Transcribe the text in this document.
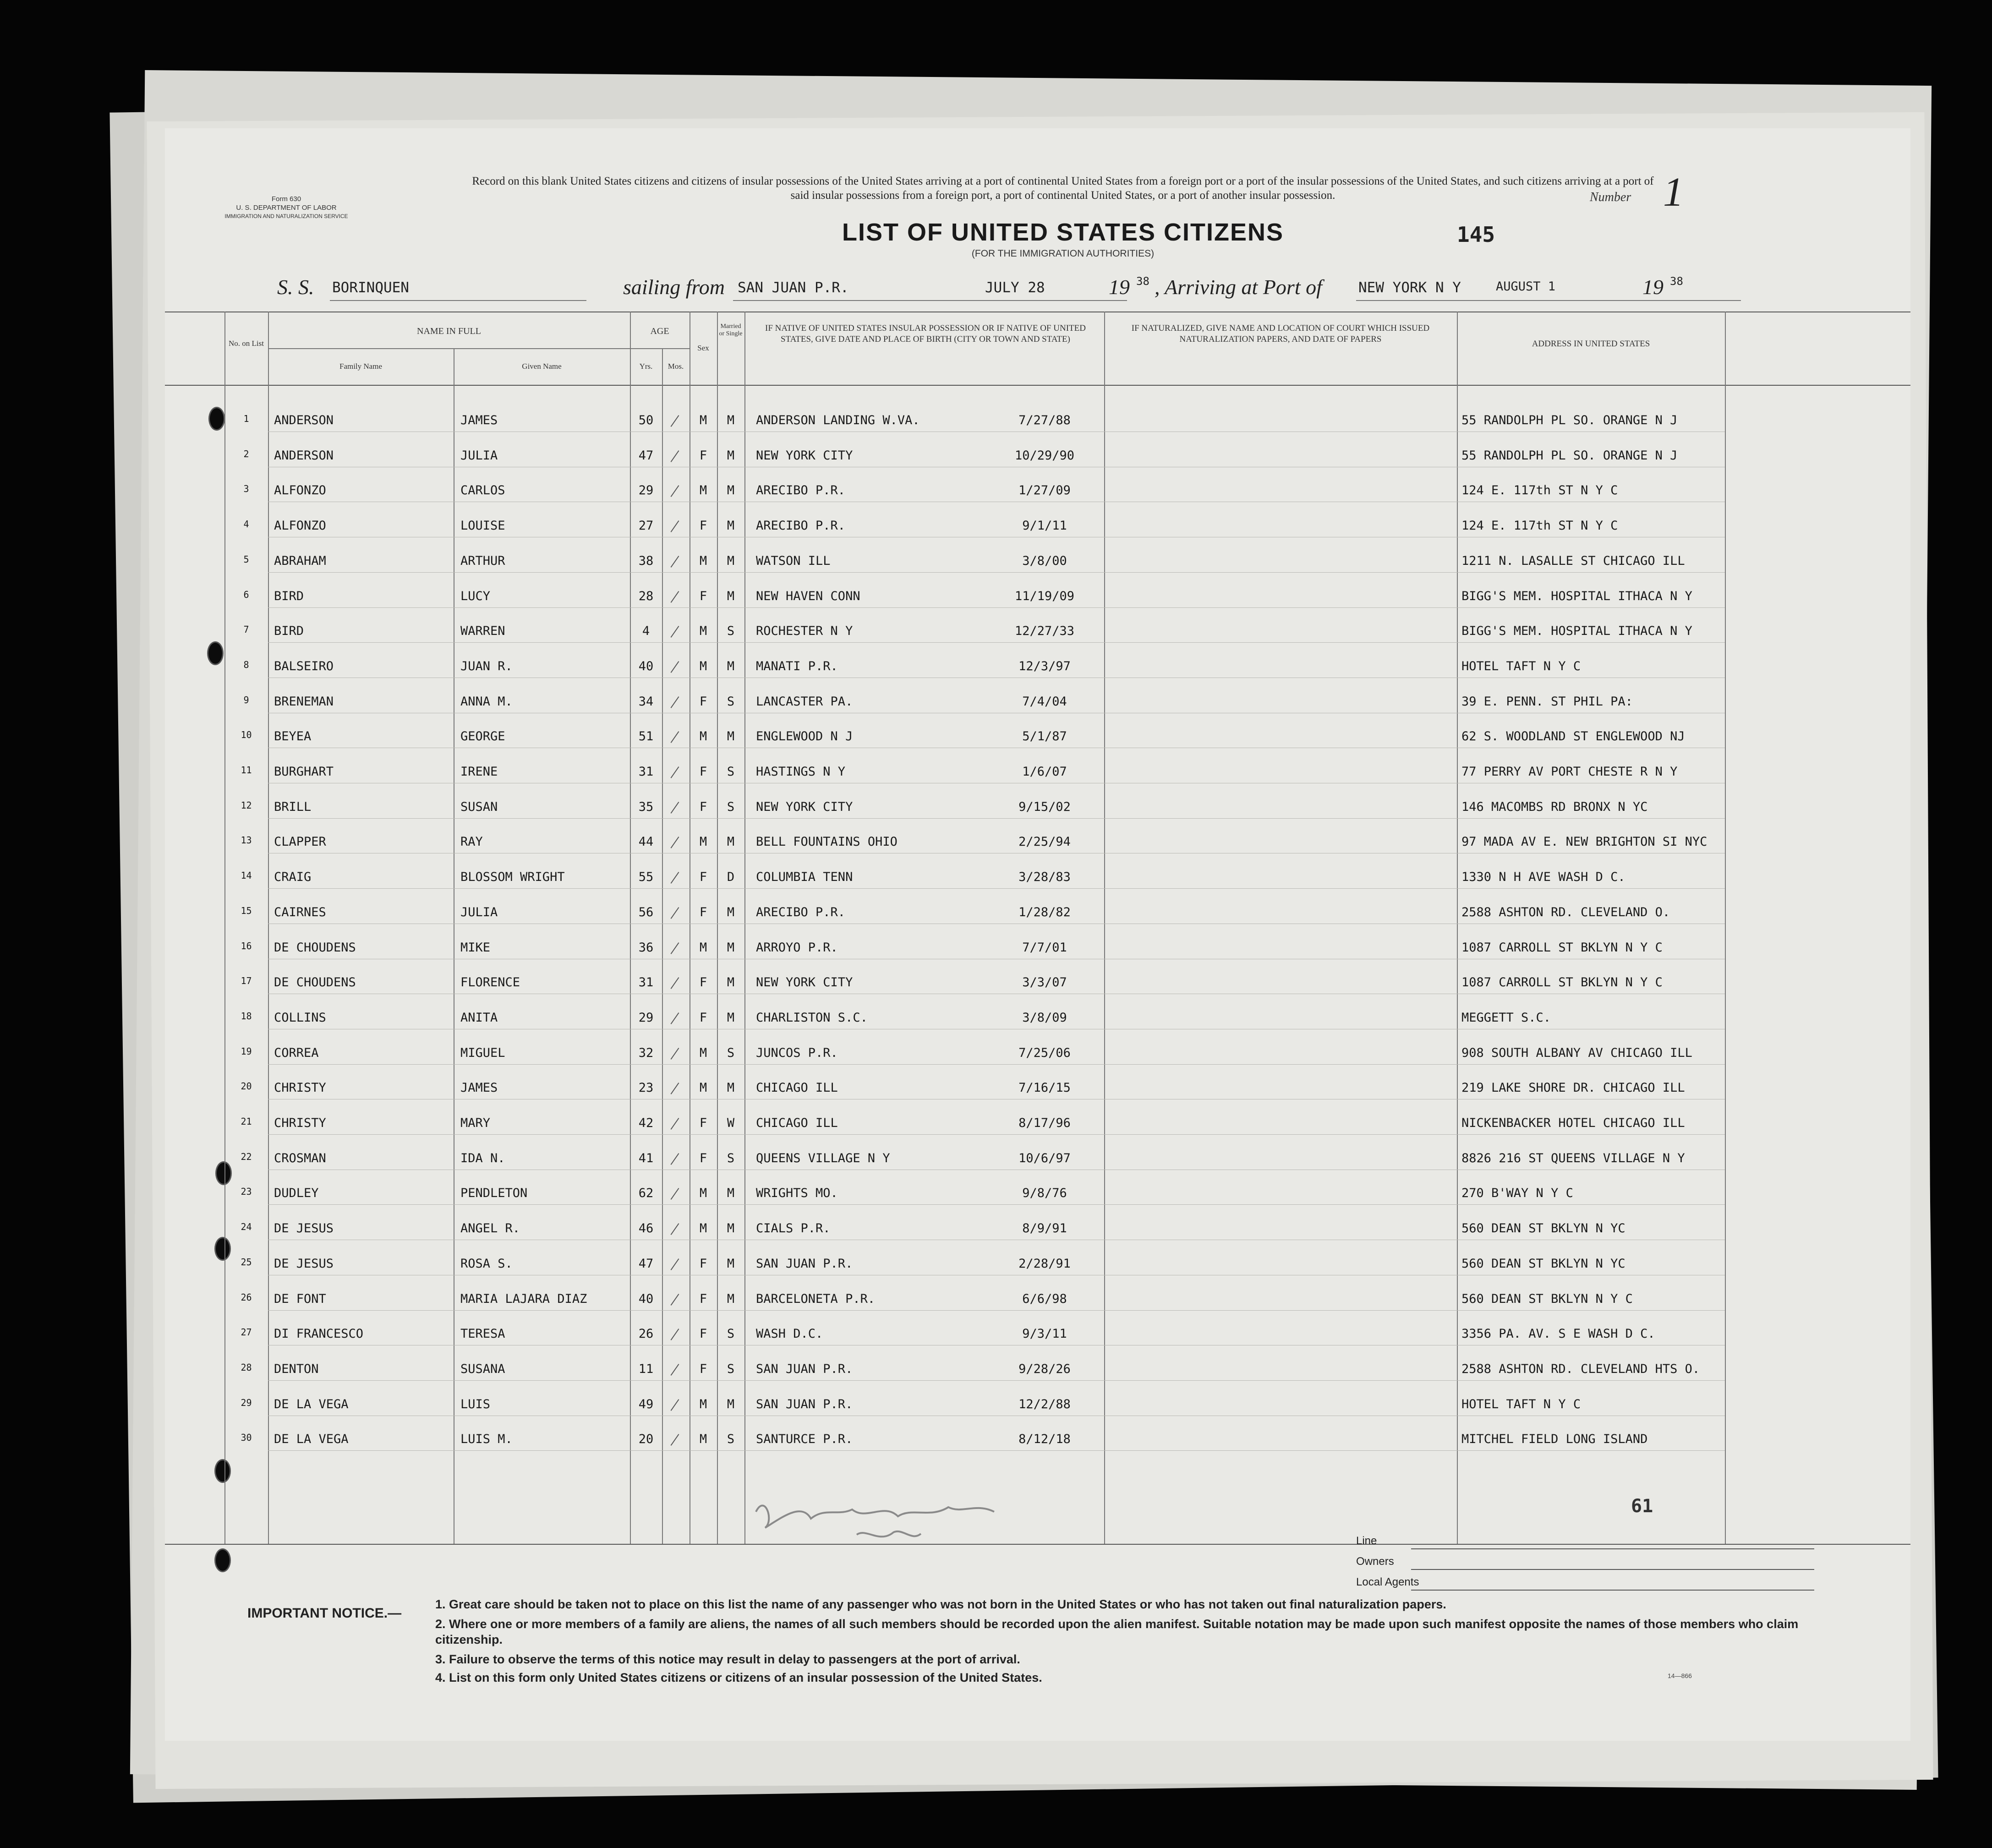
Form 630
U. S. DEPARTMENT OF LABOR
IMMIGRATION AND NATURALIZATION SERVICE
Record on this blank United States citizens and citizens of insular possessions of the United States arriving at a port of continental United States from a foreign port or a port of the insular possessions of the United States, and such citizens arriving at a port of said insular possessions from a foreign port, a port of continental United States, or a port of another insular possession.	Number 1
145
LIST OF UNITED STATES CITIZENS
(FOR THE IMMIGRATION AUTHORITIES)
S. S. BORINQUEN	sailing from SAN JUAN P.R.	JULY 28	19 38 , Arriving at Port of	NEW YORK N Y	AUGUST 1	19 38
No. on List
NAME IN FULL
Family Name	Given Name
AGE
Yrs.	Mos.
Sex
Married or Single
IF NATIVE OF UNITED STATES INSULAR POSSESSION OR IF NATIVE OF UNITED STATES, GIVE DATE AND PLACE OF BIRTH (CITY OR TOWN AND STATE)
IF NATURALIZED, GIVE NAME AND LOCATION OF COURT WHICH ISSUED NATURALIZATION PAPERS, AND DATE OF PAPERS	ADDRESS IN UNITED STATES
1	ANDERSON	JAMES	50	M	M	ANDERSON LANDING W.VA.	7/27/88	55 RANDOLPH PL SO. ORANGE N J
2	ANDERSON	JULIA	47	F	M	NEW YORK CITY	10/29/90	55 RANDOLPH PL SO. ORANGE N J
3	ALFONZO	CARLOS	29	M	M	ARECIBO P.R.	1/27/09	124 E. 117th ST N Y C
4	ALFONZO	LOUISE	27	F	M	ARECIBO P.R.	9/1/11	124 E. 117th ST N Y C
5	ABRAHAM	ARTHUR	38	M	M	WATSON ILL	3/8/00	1211 N. LASALLE ST CHICAGO ILL
6	BIRD	LUCY	28	F	M	NEW HAVEN CONN	11/19/09	BIGG'S MEM. HOSPITAL ITHACA N Y
7	BIRD	WARREN	4	M	S	ROCHESTER N Y	12/27/33	BIGG'S MEM. HOSPITAL ITHACA N Y
8	BALSEIRO	JUAN R.	40	M	M	MANATI P.R.	12/3/97	HOTEL TAFT N Y C
9	BRENEMAN	ANNA M.	34	F	S	LANCASTER PA.	7/4/04	39 E. PENN. ST PHIL PA:
10	BEYEA	GEORGE	51	M	M	ENGLEWOOD N J	5/1/87	62 S. WOODLAND ST ENGLEWOOD NJ
11	BURGHART	IRENE	31	F	S	HASTINGS N Y	1/6/07	77 PERRY AV PORT CHESTE R N Y
12	BRILL	SUSAN	35	F	S	NEW YORK CITY	9/15/02	146 MACOMBS RD BRONX N YC
13	CLAPPER	RAY	44	M	M	BELL FOUNTAINS OHIO	2/25/94	97 MADA AV E. NEW BRIGHTON SI NYC
14	CRAIG	BLOSSOM WRIGHT	55	F	D	COLUMBIA TENN	3/28/83	1330 N H AVE WASH D C.
15	CAIRNES	JULIA	56	F	M	ARECIBO P.R.	1/28/82	2588 ASHTON RD. CLEVELAND O.
16	DE CHOUDENS	MIKE	36	M	M	ARROYO P.R.	7/7/01	1087 CARROLL ST BKLYN N Y C
17	DE CHOUDENS	FLORENCE	31	F	M	NEW YORK CITY	3/3/07	1087 CARROLL ST BKLYN N Y C
18	COLLINS	ANITA	29	F	M	CHARLISTON S.C.	3/8/09	MEGGETT S.C.
19	CORREA	MIGUEL	32	M	S	JUNCOS P.R.	7/25/06	908 SOUTH ALBANY AV CHICAGO ILL
20	CHRISTY	JAMES	23	M	M	CHICAGO ILL	7/16/15	219 LAKE SHORE DR. CHICAGO ILL
21	CHRISTY	MARY	42	F	W	CHICAGO ILL	8/17/96	NICKENBACKER HOTEL CHICAGO ILL
22	CROSMAN	IDA N.	41	F	S	QUEENS VILLAGE N Y	10/6/97	8826 216 ST QUEENS VILLAGE N Y
23	DUDLEY	PENDLETON	62	M	M	WRIGHTS MO.	9/8/76	270 B'WAY N Y C
24	DE JESUS	ANGEL R.	46	M	M	CIALS P.R.	8/9/91	560 DEAN ST BKLYN N YC
25	DE JESUS	ROSA S.	47	F	M	SAN JUAN P.R.	2/28/91	560 DEAN ST BKLYN N YC
26	DE FONT	MARIA LAJARA DIAZ	40	F	M	BARCELONETA P.R.	6/6/98	560 DEAN ST BKLYN N Y C
27	DI FRANCESCO	TERESA	26	F	S	WASH D.C.	9/3/11	3356 PA. AV. S E WASH D C.
28	DENTON	SUSANA	11	F	S	SAN JUAN P.R.	9/28/26	2588 ASHTON RD. CLEVELAND HTS O.
29	DE LA VEGA	LUIS	49	M	M	SAN JUAN P.R.	12/2/88	HOTEL TAFT N Y C
30	DE LA VEGA	LUIS M.	20	M	S	SANTURCE P.R.	8/12/18	MITCHEL FIELD LONG ISLAND
61
Line
Owners
Local Agents
IMPORTANT NOTICE.—
1. Great care should be taken not to place on this list the name of any passenger who was not born in the United States or who has not taken out final naturalization papers.
2. Where one or more members of a family are aliens, the names of all such members should be recorded upon the alien manifest. Suitable notation may be made upon such manifest opposite the names of those members who claim citizenship.
3. Failure to observe the terms of this notice may result in delay to passengers at the port of arrival.
4. List on this form only United States citizens or citizens of an insular possession of the United States.	14—866
